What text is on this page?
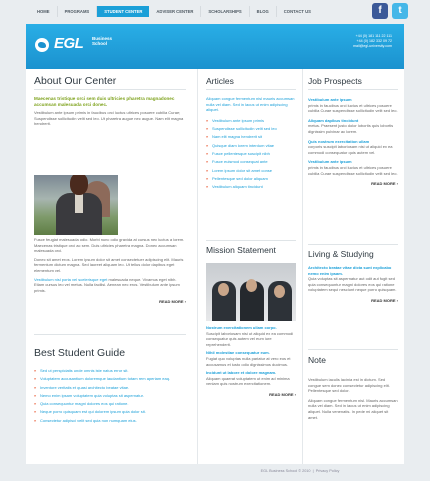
HOME	PROGRAMS	STUDENT CENTER	ADVISER CENTER	SCHOLARSHIPS	BLOG	CONTACT US	f	t
EGL Business
School
+44 (0) 181 111 22 111
+44 (0) 182 332 09 72
mail@egl-university.com
About Our Center

Maecenas tristique orci sem duis ultricies pharetra magnadonec accumsan malesuada orci donec.

Vestibulum ante ipsum primis in faucibus orci luctus ultrices posuere cubilia Curae; Suspendisse sollicitudin velit sed leo. Ut pharetra augue nec augue. Nam elit magna hendrerit.

Fusce feugiat malesuada odio. Morbi nunc odio gravida at cursus nec luctus a lorem. Maecenas tristique orci ac sem. Duis ultricies pharetra magna. Donec accumsan malesuada orci.

Donec sit amet eros. Lorem ipsum dolor sit amet consectetuer adipiscing elit. Mauris fermentum dictum magna. Sed laoreet aliquam leo. Ut tellus dolor dapibus eget elementum vel.

Vestibulum nisl porta vel scelerisque eget malesuada neque. Vivamus eget nibh. Etiam cursus leo vel metus. Nulla facilisi. Aenean nec eros. Vestibulum ante ipsum primis.

READ MORE ›
Best Student Guide
» Sed ut perspiciatis unde omnis iste natus error sit.
» Voluptatem accusantium doloremque laudantium totam rem aperiam eaq.
» Inventore veritatis et quasi architecto beatae vitae.
» Nemo enim ipsam voluptatem quia voluptas sit aspernatur.
» Quia consequuntur magni dolores eos qui ratione.
» Neque porro quisquam est qui dolorem ipsum quia dolor sit.
» Consectetur adipisci velit sed quia non numquam eius.
Articles

Aliquam congue fermentum nisl mauris accumsan nulla vel diam. Sed in lacus ut enim adipiscing aliquet.

» Vestibulum ante ipsum primis
» Suspendisse sollicitudin velit sed leo
» Nam elit magna hendrerit sit
» Quisque diam lorem interdum vitae
» Fusce pellentesque suscipit nibh
» Fusce euismod consequat ante
» Lorem ipsum dolor sit amet conse
» Pellentesque sed dolor aliquam
» Vestibulum aliquam tincidunt
Mission Statement
Nostrum exercitationem ullam corpo.

Suscipit laboriosam nisi ut aliquid ex ea commodi consequatur quis autem vel eum iure reprehenderit.

Nihil molestiae consequatur eum.

Fugiat quo voluptas nulla pariatur at vero eos et accusamus et iusto odio dignissimos ducimus.

Incidunt ut labore et dolore magnam.

Aliquam quaerat voluptatem ut enim ad minima veniam quis nostrum exercitationem.

READ MORE ›
Job Prospects
Vestibulum ante ipsum

primis in faucibus orci luctus et ultrices posuere cubilia Curae suspendisse sollicitudin velit sed leo.

Aliquam dapibus tincidunt

metus. Praesent justo dolor lobortis quis lobortis dignissim pulvinar ac lorem.

Quis nostrum exercitation ullam

corporis suscipit laboriosam nisi ut aliquid ex ea commodi consequatur quis autem vel.

Vestibulum ante ipsum

primis in faucibus orci luctus et ultrices posuere cubilia Curae suspendisse sollicitudin velit sed leo.

READ MORE ›
Living & Studying
Architecto beatae vitae dicta sunt explicabo nemo enim ipsam.

Quia voluptas sit aspernatur aut odit aut fugit sed quia consequuntur magni dolores eos qui ratione voluptatem sequi nesciunt neque porro quisquam.

READ MORE ›
Note

Vestibulum iaculis lacinia est in dictum. Sed congue sem donec consectetur adipiscing elit. Pellentesque sed dolor.

Aliquam congue fermentum nisl. Mauris accumsan nulla vel diam. Sed in lacus ut enim adipiscing aliquet. Nulla venenatis. In pede mi aliquet sit amet.

EGL Business School © 2010  |  Privacy Policy
